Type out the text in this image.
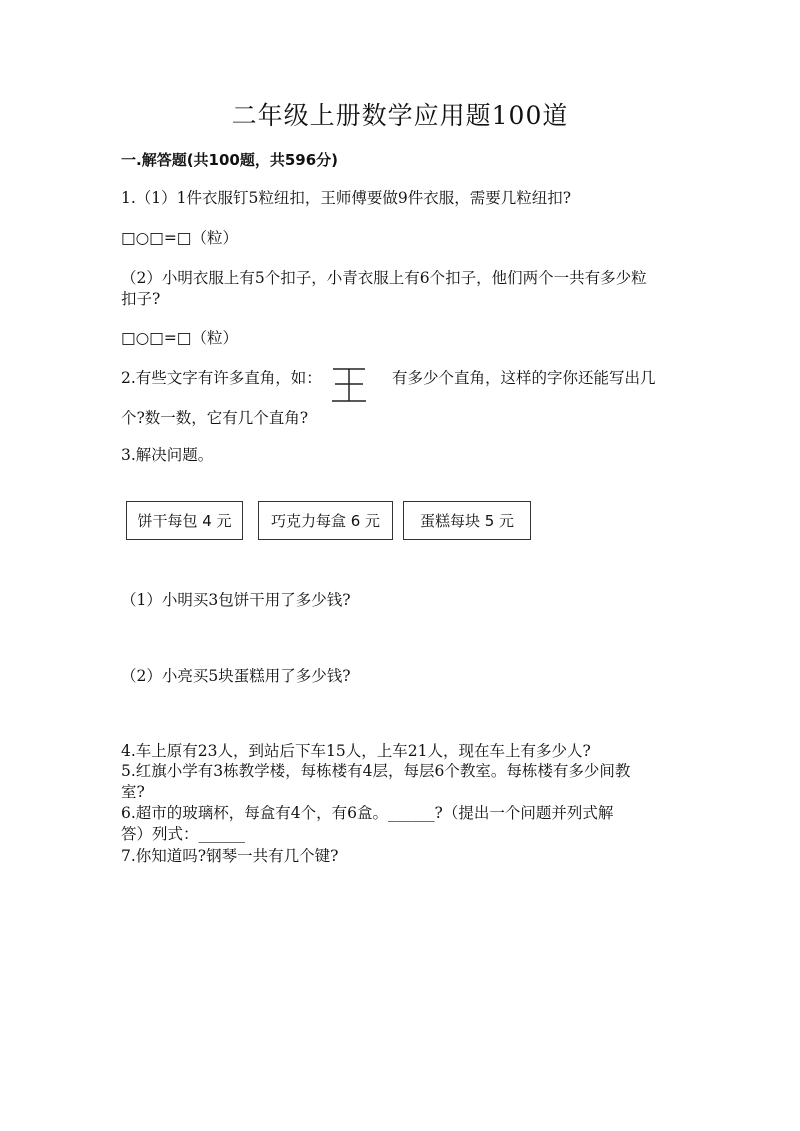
二年级上册数学应用题100道
一.解答题(共100题，共596分)
1.（1）1件衣服钉5粒纽扣，王师傅要做9件衣服，需要几粒纽扣?
□○□=□（粒）
（2）小明衣服上有5个扣子，小青衣服上有6个扣子，他们两个一共有多少粒
扣子?
□○□=□（粒）
2.有些文字有许多直角，如：	有多少个直角，这样的字你还能写出几
个?数一数，它有几个直角?
3.解决问题。
饼干每包 4 元	巧克力每盒 6 元	蛋糕每块 5 元
（1）小明买3包饼干用了多少钱?
（2）小亮买5块蛋糕用了多少钱?
4.车上原有23人，到站后下车15人，上车21人，现在车上有多少人?
5.红旗小学有3栋教学楼，每栋楼有4层，每层6个教室。每栋楼有多少间教
室?
6.超市的玻璃杯，每盒有4个，有6盒。______?（提出一个问题并列式解
答）列式：______
7.你知道吗?钢琴一共有几个键?
